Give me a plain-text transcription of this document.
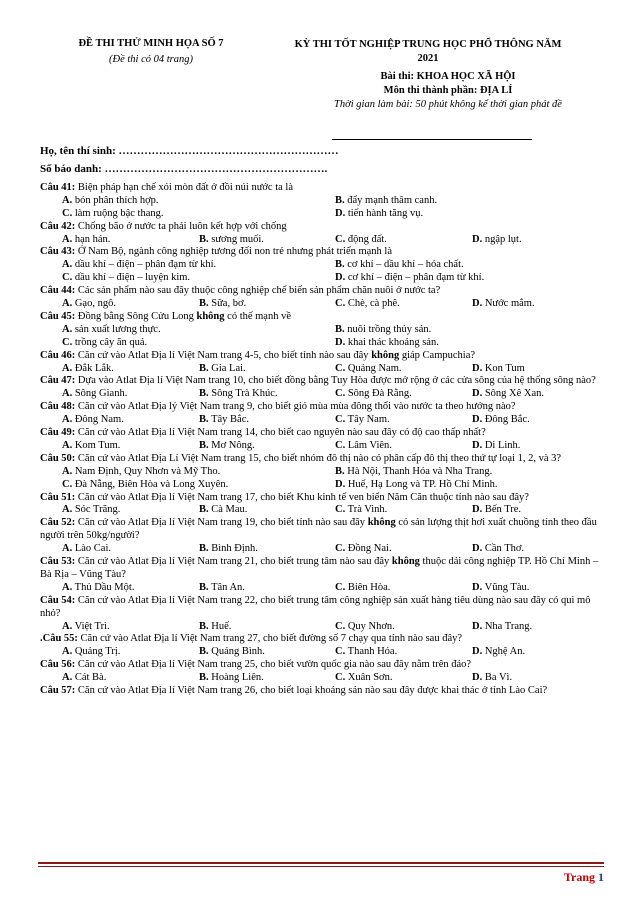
ĐỀ THI THỬ MINH HỌA SỐ 7
(Đề thi có 04 trang)
KỲ THI TỐT NGHIỆP TRUNG HỌC PHỔ THÔNG NĂM
2021
Bài thi: KHOA HỌC XÃ HỘI
Môn thi thành phần: ĐỊA LÍ
Thời gian làm bài: 50 phút không kể thời gian phát đề
Họ, tên thí sinh: ……………………………………………………
Số báo danh: …………………………………………………….
Câu 41: Biện pháp hạn chế xói mòn đất ở đồi núi nước ta là
A. bón phân thích hợp.	B. đẩy mạnh thâm canh.
C. làm ruộng bậc thang.	D. tiến hành tăng vụ.
Câu 42: Chống bão ở nước ta phải luôn kết hợp với chống
A. hạn hán.	B. sương muối.	C. động đất.	D. ngập lụt.
Câu 43: Ở Nam Bộ, ngành công nghiệp tương đối non trẻ nhưng phát triển mạnh là
A. dầu khí – điện – phân đạm từ khí.	B. cơ khí – dầu khí – hóa chất.
C. dầu khí – điện – luyện kim.	D. cơ khí – điện – phân đạm từ khí.
Câu 44: Các sản phẩm nào sau đây thuộc công nghiệp chế biến sản phẩm chăn nuôi ở nước ta?
A. Gạo, ngô.	B. Sữa, bơ.	C. Chè, cà phê.	D. Nước mắm.
Câu 45: Đồng bằng Sông Cửu Long không có thế mạnh về
A. sản xuất lương thực.	B. nuôi trồng thủy sản.
C. trồng cây ăn quả.	D. khai thác khoáng sản.
Câu 46: Căn cứ vào Atlat Địa lí Việt Nam trang 4-5, cho biết tỉnh nào sau đây không giáp Campuchia?
A. Đắk Lắk.	B. Gia Lai.	C. Quảng Nam.	D. Kon Tum
Câu 47: Dựa vào Atlat Địa lí Việt Nam trang 10, cho biết đồng bằng Tuy Hòa được mở rộng ở các cửa sông của hệ thống sông nào?
A. Sông Gianh.	B. Sông Trà Khúc.	C. Sông Đà Rằng.	D. Sông Xê Xan.
Câu 48: Căn cứ vào Atlat Địa lý Việt Nam trang 9, cho biết gió mùa mùa đông thổi vào nước ta theo hướng nào?
A. Đông Nam.	B. Tây Bắc.	C. Tây Nam.	D. Đông Bắc.
Câu 49: Căn cứ vào Atlat Địa lí Việt Nam trang 14, cho biết cao nguyên nào sau đây có độ cao thấp nhất?
A. Kom Tum.	B. Mơ Nông.	C. Lâm Viên.	D. Di Linh.
Câu 50: Căn cứ vào Atlat Địa Lí Việt Nam trang 15, cho biết nhóm đô thị nào có phân cấp đô thị theo thứ tự loại 1, 2, và 3?
A. Nam Định, Quy Nhơn và Mỹ Tho.	B. Hà Nội, Thanh Hóa và Nha Trang.
C. Đà Nẵng, Biên Hòa và Long Xuyên.	D. Huế, Hạ Long và TP. Hồ Chí Minh.
Câu 51: Căn cứ vào Atlat Địa lí Việt Nam trang 17, cho biết Khu kinh tế ven biển Năm Căn thuộc tỉnh nào sau đây?
A. Sóc Trăng.	B. Cà Mau.	C. Trà Vinh.	D. Bến Tre.
Câu 52: Căn cứ vào Atlat Địa lí Việt Nam trang 19, cho biết tỉnh nào sau đây không có sản lượng thịt hơi xuất chuồng tính theo đầu người trên 50kg/người?
A. Lào Cai.	B. Bình Định.	C. Đồng Nai.	D. Cần Thơ.
Câu 53: Căn cứ vào Atlat Địa lí Việt Nam trang 21, cho biết trung tâm nào sau đây không thuộc dải công nghiệp TP. Hồ Chí Minh – Bà Rịa – Vũng Tàu?
A. Thủ Dầu Một.	B. Tân An.	C. Biên Hòa.	D. Vũng Tàu.
Câu 54: Căn cứ vào Atlat Địa lí Việt Nam trang 22, cho biết trung tâm công nghiệp sản xuất hàng tiêu dùng nào sau đây có qui mô nhỏ?
A. Việt Trì.	B. Huế.	C. Quy Nhơn.	D. Nha Trang.
.Câu 55: Căn cứ vào Atlat Địa lí Việt Nam trang 27, cho biết đường số 7 chạy qua tỉnh nào sau đây?
A. Quảng Trị.	B. Quảng Bình.	C. Thanh Hóa.	D. Nghệ An.
Câu 56: Căn cứ vào Atlat Địa lí Việt Nam trang 25, cho biết vườn quốc gia nào sau đây nằm trên đảo?
A. Cát Bà.	B. Hoàng Liên.	C. Xuân Sơn.	D. Ba Vì.
Câu 57: Căn cứ vào Atlat Địa lí Việt Nam trang 26, cho biết loại khoáng sản nào sau đây được khai thác ở tỉnh Lào Cai?
Trang 1
